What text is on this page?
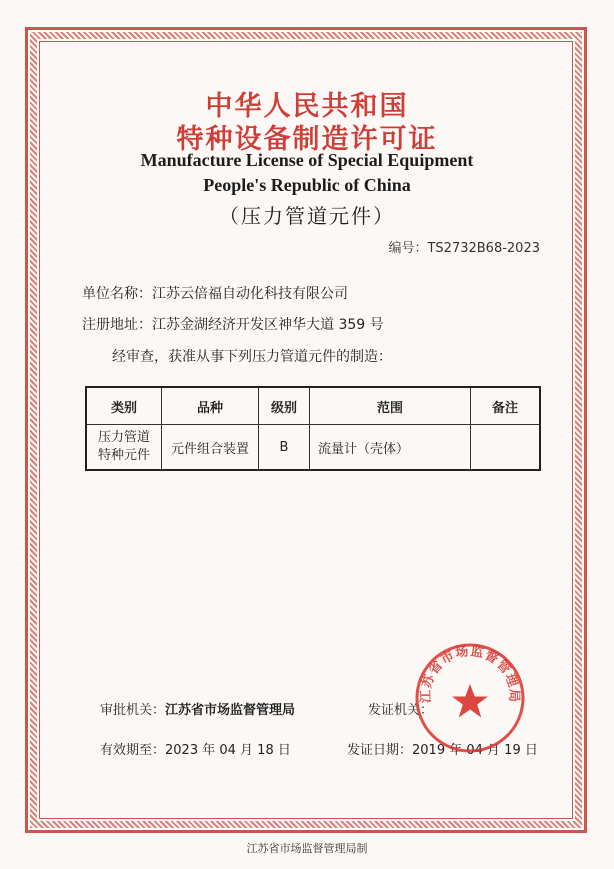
中华人民共和国
特种设备制造许可证
Manufacture License of Special Equipment
People's Republic of China
（压力管道元件）
编号：TS2732B68-2023
单位名称：江苏云倍福自动化科技有限公司
注册地址：江苏金湖经济开发区神华大道 359 号
经审查，获准从事下列压力管道元件的制造：
类别	品种	级别	范围	备注
压力管道
特种元件	元件组合装置	B	流量计（壳体）	
审批机关：江苏省市场监督管理局	发证机关：
有效期至：2023 年 04 月 18 日	发证日期：2019 年 04 月 19 日
江苏省市场监督管理局
江苏省市场监督管理局制
